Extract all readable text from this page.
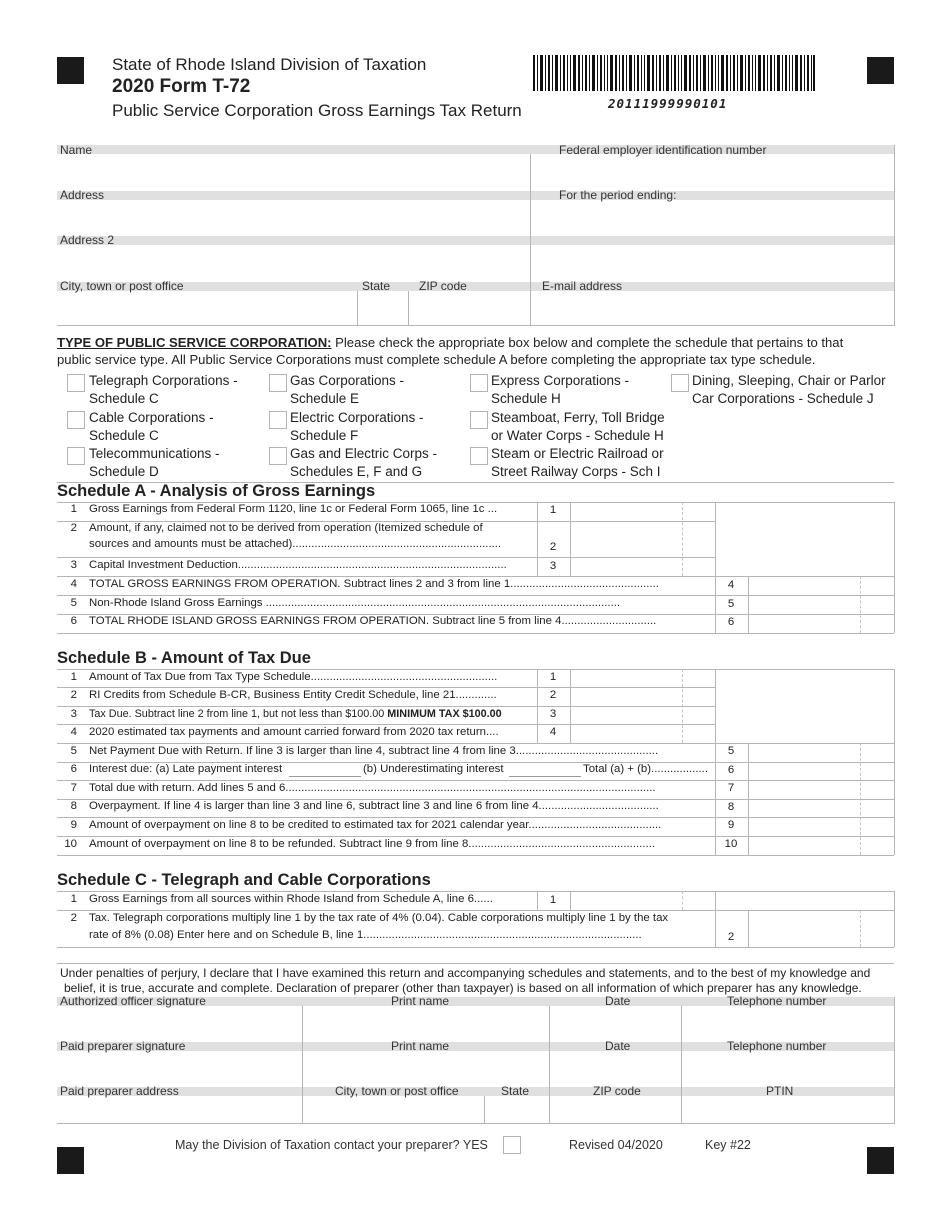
State of Rhode Island Division of Taxation
2020 Form T-72
Public Service Corporation Gross Earnings Tax Return	20111999990101
Name	Federal employer identification number
Address	For the period ending:
Address 2
City, town or post office	State ZIP code	E-mail address
TYPE OF PUBLIC SERVICE CORPORATION: Please check the appropriate box below and complete the schedule that pertains to that
public service type. All Public Service Corporations must complete schedule A before completing the appropriate tax type schedule.
Telegraph Corporations -
Schedule C
Cable Corporations -
Schedule C
Telecommunications -
Schedule D
Gas Corporations -
Schedule E
Electric Corporations -
Schedule F
Gas and Electric Corps -
Schedules E, F and G
Express Corporations -
Schedule H
Steamboat, Ferry, Toll Bridge
or Water Corps - Schedule H
Steam or Electric Railroad or
Street Railway Corps - Sch I
Dining, Sleeping, Chair or Parlor
Car Corporations - Schedule J
Schedule A - Analysis of Gross Earnings
1 Gross Earnings from Federal Form 1120, line 1c or Federal Form 1065, line 1c ...
2 Amount, if any, claimed not to be derived from operation (Itemized schedule of
sources and amounts must be attached)..................................................................
3 Capital Investment Deduction.....................................................................................
4 TOTAL GROSS EARNINGS FROM OPERATION. Subtract lines 2 and 3 from line 1...............................................
5 Non-Rhode Island Gross Earnings ................................................................................................................
6 TOTAL RHODE ISLAND GROSS EARNINGS FROM OPERATION. Subtract line 5 from line 4..............................
1
2
3
4
5
6
Schedule B - Amount of Tax Due
1 Amount of Tax Due from Tax Type Schedule...........................................................
2 RI Credits from Schedule B-CR, Business Entity Credit Schedule, line 21.............
3 Tax Due. Subtract line 2 from line 1, but not less than $100.00 MINIMUM TAX $100.00
4 2020 estimated tax payments and amount carried forward from 2020 tax return....
5 Net Payment Due with Return. If line 3 is larger than line 4, subtract line 4 from line 3.............................................
6 Interest due: (a) Late payment interest	(b) Underestimating interest	Total (a) + (b)..................
7 Total due with return. Add lines 5 and 6.....................................................................................................................
8 Overpayment. If line 4 is larger than line 3 and line 6, subtract line 3 and line 6 from line 4......................................
9 Amount of overpayment on line 8 to be credited to estimated tax for 2021 calendar year..........................................
10 Amount of overpayment on line 8 to be refunded. Subtract line 9 from line 8...........................................................
1
2
3
4
5
6
7
8
9
10
Schedule C - Telegraph and Cable Corporations
1 Gross Earnings from all sources within Rhode Island from Schedule A, line 6......
2 Tax. Telegraph corporations multiply line 1 by the tax rate of 4% (0.04). Cable corporations multiply line 1 by the tax
rate of 8% (0.08) Enter here and on Schedule B, line 1........................................................................................
1
2
Under penalties of perjury, I declare that I have examined this return and accompanying schedules and statements, and to the best of my knowledge and
belief, it is true, accurate and complete. Declaration of preparer (other than taxpayer) is based on all information of which preparer has any knowledge.
Authorized officer signature	Print name	Date	Telephone number
Paid preparer signature	Print name	Date	Telephone number
Paid preparer address	City, town or post office	State	ZIP code	PTIN
May the Division of Taxation contact your preparer? YES	Revised 04/2020	Key #22
